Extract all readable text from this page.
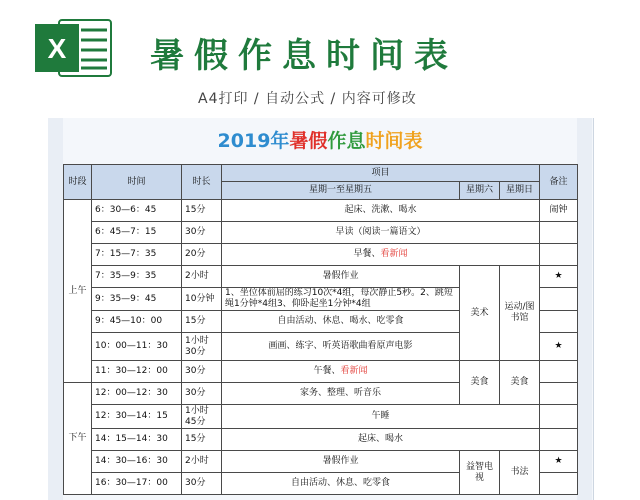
X 暑假作息时间表
A4打印 / 自动公式 / 内容可修改
2019年暑假作息时间表
时段	时间	时长	项目			备注
			星期一至星期五	星期六	星期日	
上午	6：30—6：45	15分	起床、洗漱、喝水			闹钟
	6：45—7：15	30分	早读（阅读一篇语文）			
	7：15—7：35	20分	早餐、看新闻			
	7：35—9：35	2小时	暑假作业	美术	运动/图书馆	★
	9：35—9：45	10分钟	1、坐位体前屈的练习10次*4组，每次静止5秒。2、跳短绳1分钟*4组3、仰卧起坐1分钟*4组			
	9：45—10：00	15分	自由活动、休息、喝水、吃零食			
	10：00—11：30	1小时30分	画画、练字、听英语歌曲看原声电影			★
	11：30—12：00	30分	午餐、看新闻	美食	美食	
下午	12：00—12：30	30分	家务、整理、听音乐			
	12：30—14：15	1小时45分	午睡			
	14：15—14：30	15分	起床、喝水			
	14：30—16：30	2小时	暑假作业	益智电视	书法	★
	16：30—17：00	30分	自由活动、休息、吃零食			
